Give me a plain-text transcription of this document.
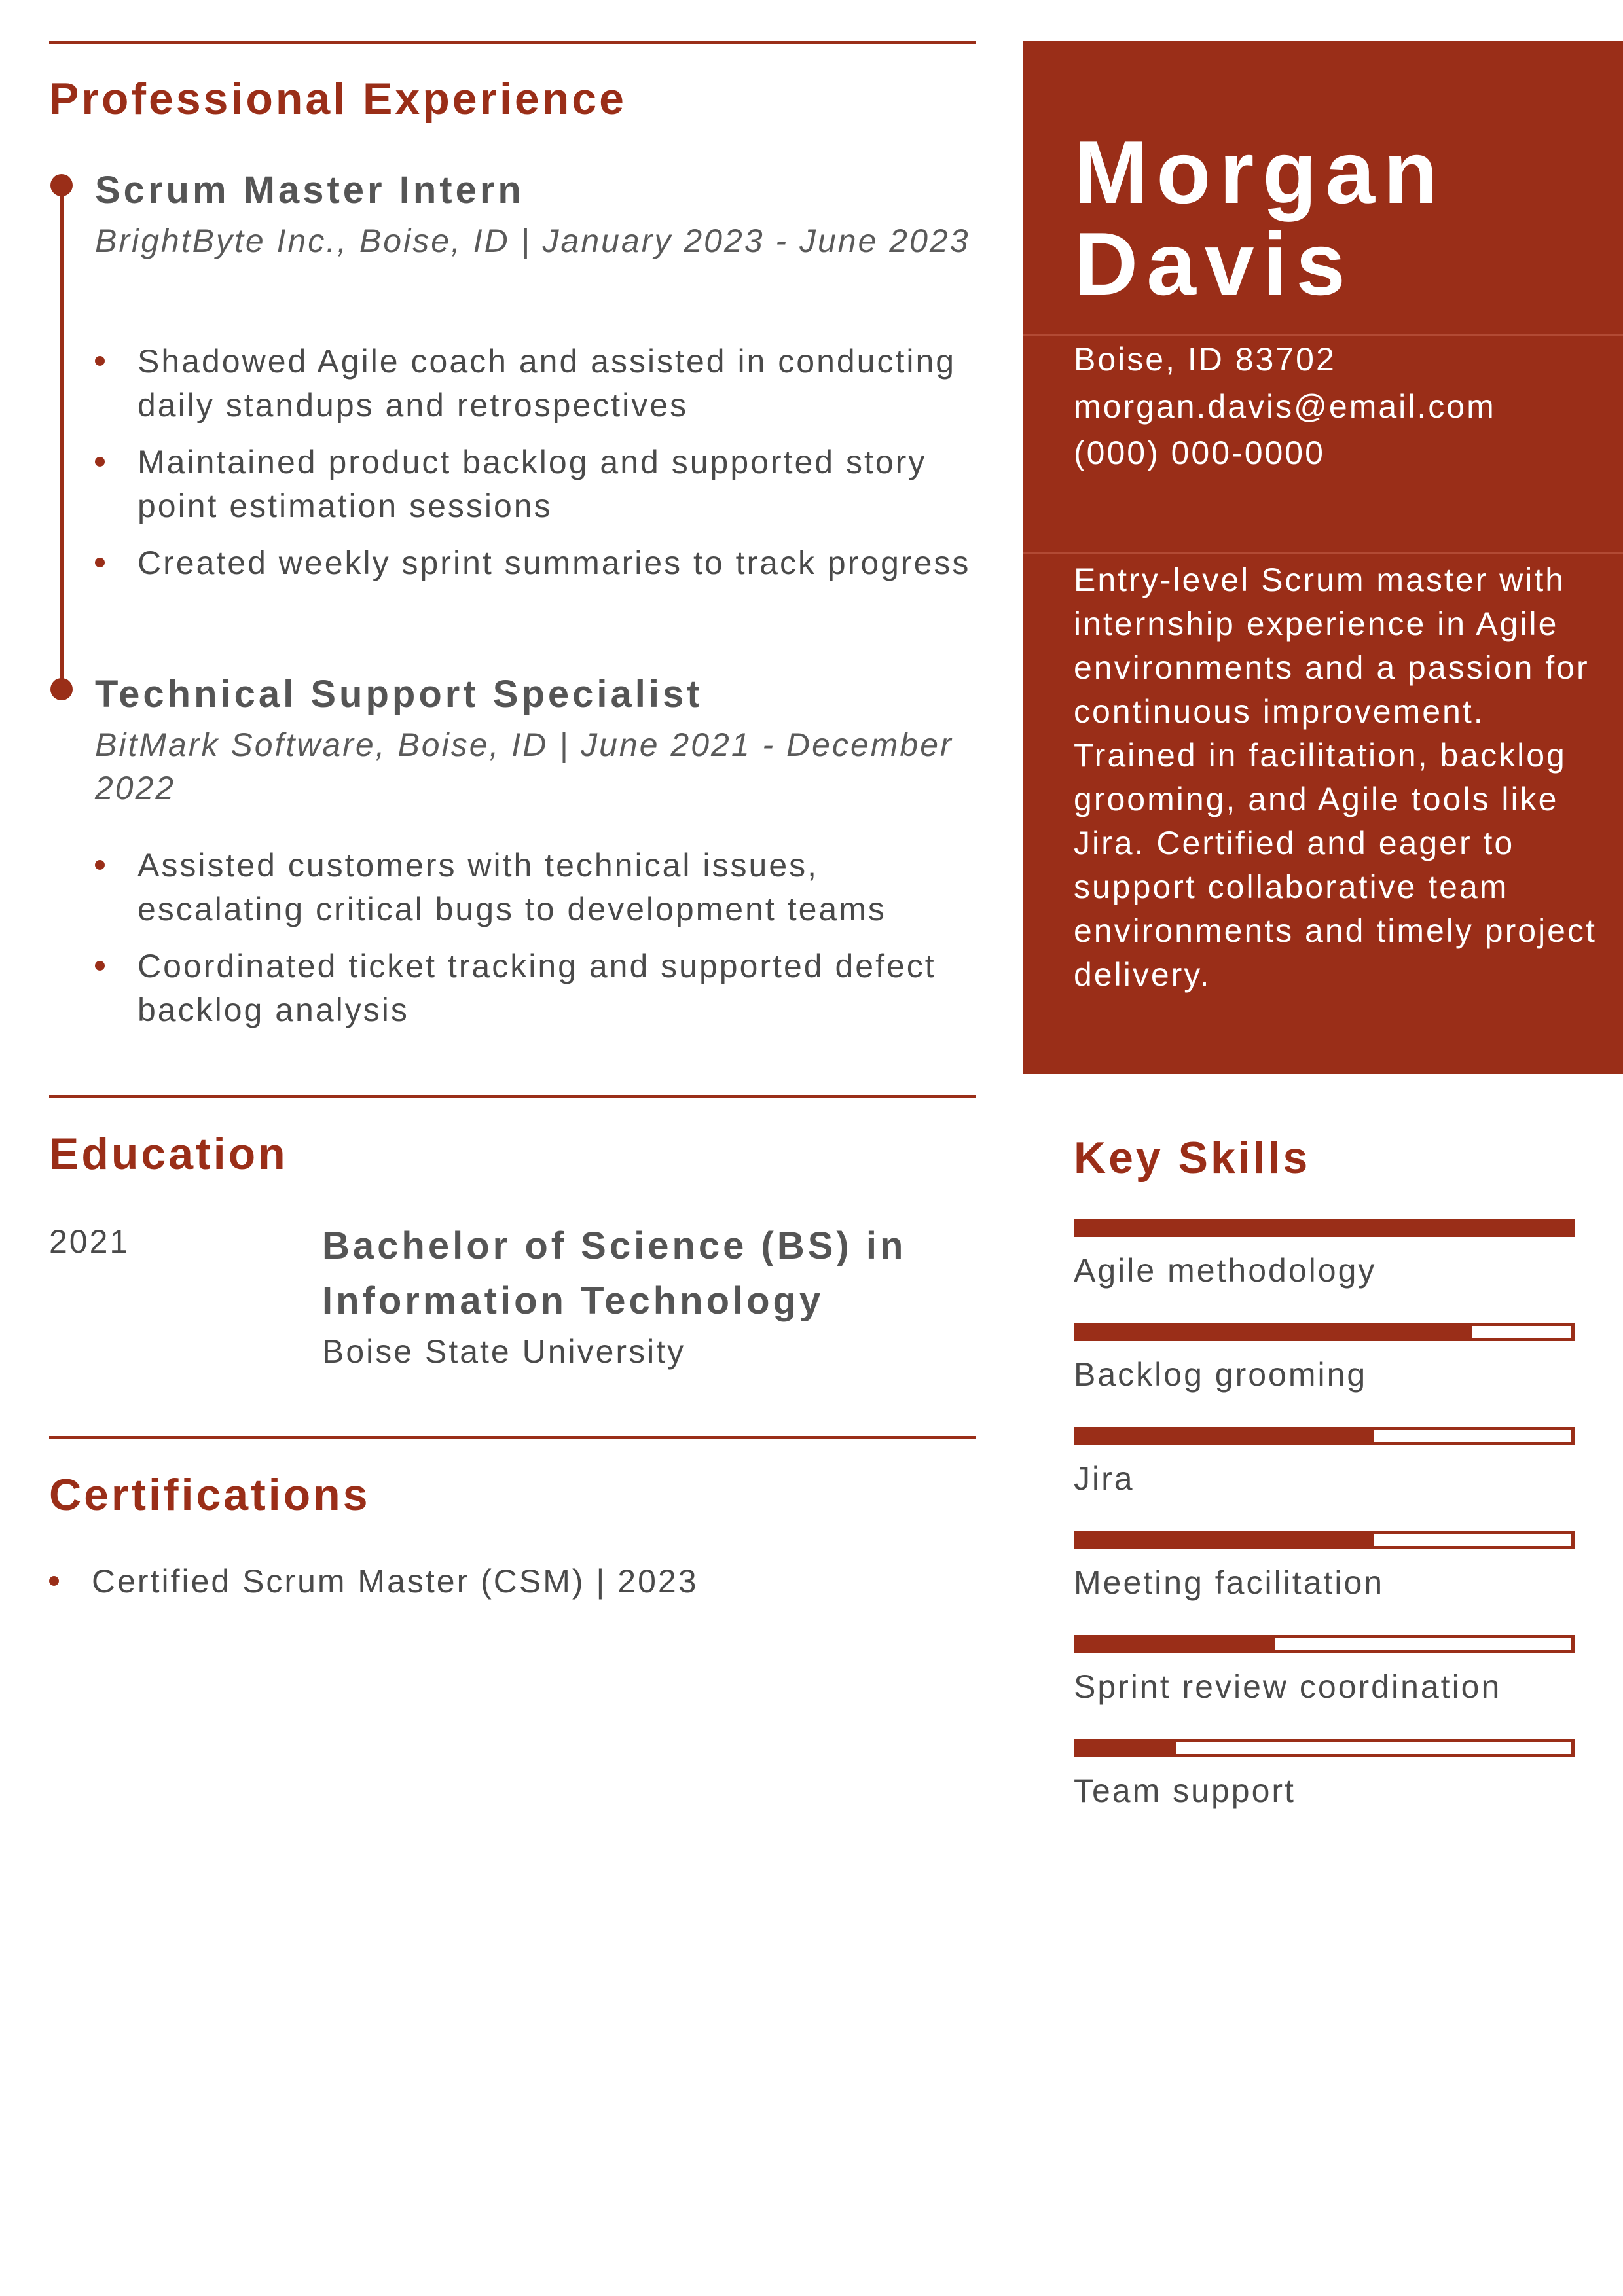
Professional Experience
Scrum Master Intern

BrightByte Inc., Boise, ID | January 2023 - June 2023

Shadowed Agile coach and assisted in conducting daily standups and retrospectives
Maintained product backlog and supported story point estimation sessions
Created weekly sprint summaries to track progress
Technical Support Specialist

BitMark Software, Boise, ID | June 2021 - December 2022

Assisted customers with technical issues, escalating critical bugs to development teams
Coordinated ticket tracking and supported defect backlog analysis
Education
2021	Bachelor of Science (BS) in Information Technology

Boise State University
Certifications
Certified Scrum Master (CSM) | 2023
Morgan
Davis
Boise, ID 83702
morgan.davis@email.com
(000) 000-0000

Entry-level Scrum master with internship experience in Agile environments and a passion for continuous improvement. Trained in facilitation, backlog grooming, and Agile tools like Jira. Certified and eager to support collaborative team environments and timely project delivery.

Key Skills
Agile methodology
Backlog grooming
Jira
Meeting facilitation
Sprint review coordination
Team support
